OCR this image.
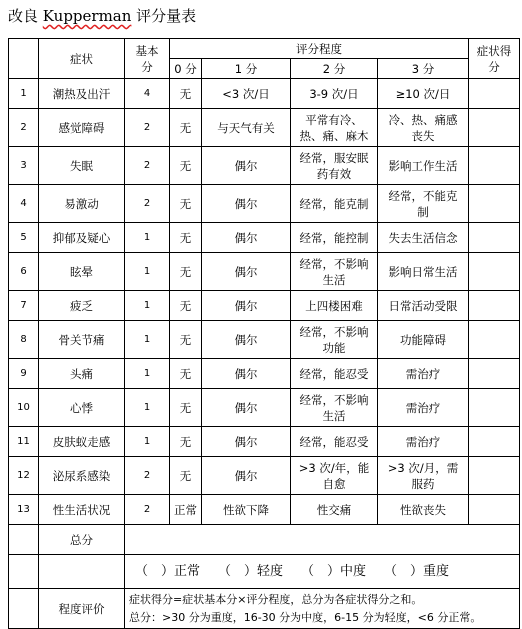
改良 Kupperman 评分量表
	症状	基本
分	评分程度				症状得
分
			0 分	1 分	2 分	3 分	
1	潮热及出汗	4	无	<3 次/日	3-9 次/日	≥10 次/日	
2	感觉障碍	2	无	与天气有关	平常有冷、
热、痛、麻木	冷、热、痛感
丧失	
3	失眠	2	无	偶尔	经常，服安眠
药有效	影响工作生活	
4	易激动	2	无	偶尔	经常，能克制	经常，不能克
制	
5	抑郁及疑心	1	无	偶尔	经常，能控制	失去生活信念	
6	眩晕	1	无	偶尔	经常，不影响
生活	影响日常生活	
7	疲乏	1	无	偶尔	上四楼困难	日常活动受限	
8	骨关节痛	1	无	偶尔	经常，不影响
功能	功能障碍	
9	头痛	1	无	偶尔	经常，能忍受	需治疗	
10	心悸	1	无	偶尔	经常，不影响
生活	需治疗	
11	皮肤蚁走感	1	无	偶尔	经常，能忍受	需治疗	
12	泌尿系感染	2	无	偶尔	>3 次/年，能
自愈	>3 次/月，需
服药	
13	性生活状况	2	正常	性欲下降	性交痛	性欲丧失	
	总分						
		（　）正常 （　）轻度 （　）中度 （　）重度					
	程度评价	症状得分=症状基本分×评分程度，总分为各症状得分之和。
总分：>30 分为重度，16-30 分为中度，6-15 分为轻度，<6 分正常。					
